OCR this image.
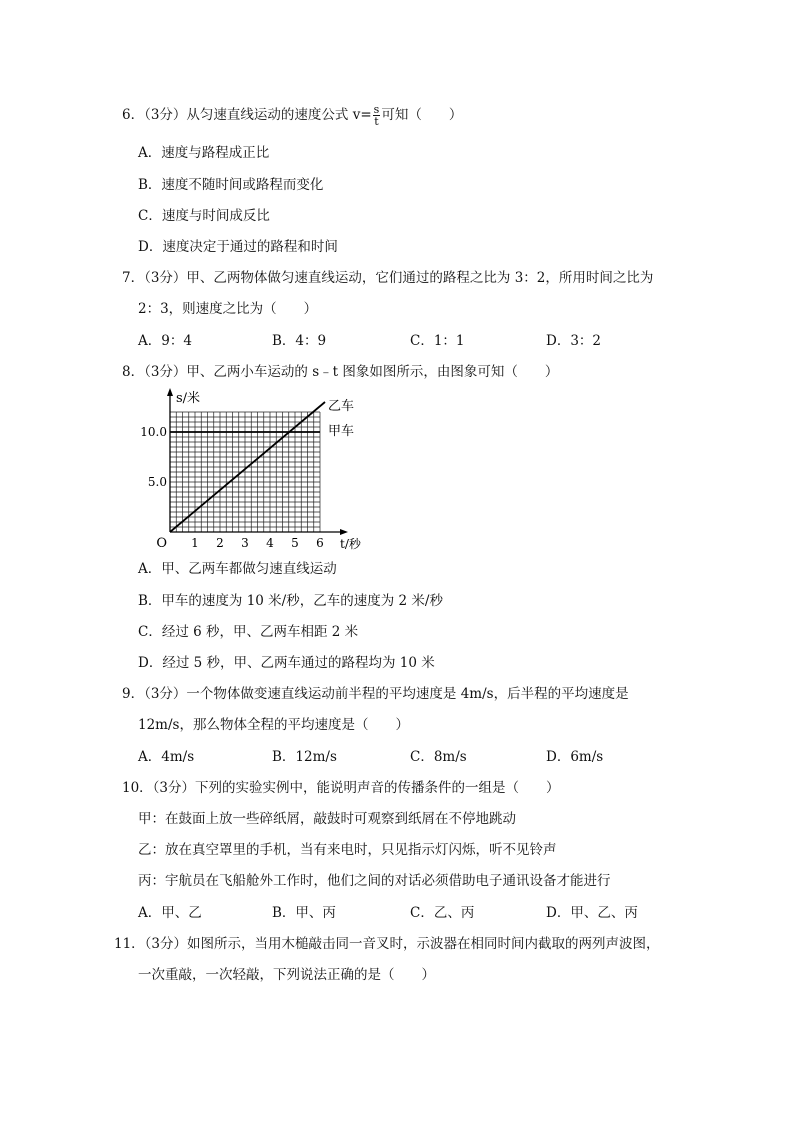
6．（3分）从匀速直线运动的速度公式 $v= \frac{s}{t}$ 可知（　　）
A．速度与路程成正比
B．速度不随时间或路程而变化
C．速度与时间成反比
D．速度决定于通过的路程和时间
7．（3分）甲、乙两物体做匀速直线运动，它们通过的路程之比为 3：2，所用时间之比为
2：3，则速度之比为（　　）
A．9：4	B．4：9	C．1：1	D．3：2
8．（3分）甲、乙两小车运动的 s﹣t 图象如图所示，由图象可知（　　）
乙车
甲车
1 2 3 4 5 6
5.0
10.0
O
s/米
t/秒
A．甲、乙两车都做匀速直线运动
B．甲车的速度为 10 米/秒，乙车的速度为 2 米/秒
C．经过 6 秒，甲、乙两车相距 2 米
D．经过 5 秒，甲、乙两车通过的路程均为 10 米
9．（3分）一个物体做变速直线运动前半程的平均速度是 4m/s，后半程的平均速度是
12m/s，那么物体全程的平均速度是（　　）
A．4m/s	B．12m/s	C．8m/s	D．6m/s
10．（3分）下列的实验实例中，能说明声音的传播条件的一组是（　　）
甲：在鼓面上放一些碎纸屑，敲鼓时可观察到纸屑在不停地跳动
乙：放在真空罩里的手机，当有来电时，只见指示灯闪烁，听不见铃声
丙：宇航员在飞船舱外工作时，他们之间的对话必须借助电子通讯设备才能进行
A．甲、乙	B．甲、丙	C．乙、丙	D．甲、乙、丙
11．（3分）如图所示，当用木槌敲击同一音叉时，示波器在相同时间内截取的两列声波图，
一次重敲，一次轻敲，下列说法正确的是（　　）
